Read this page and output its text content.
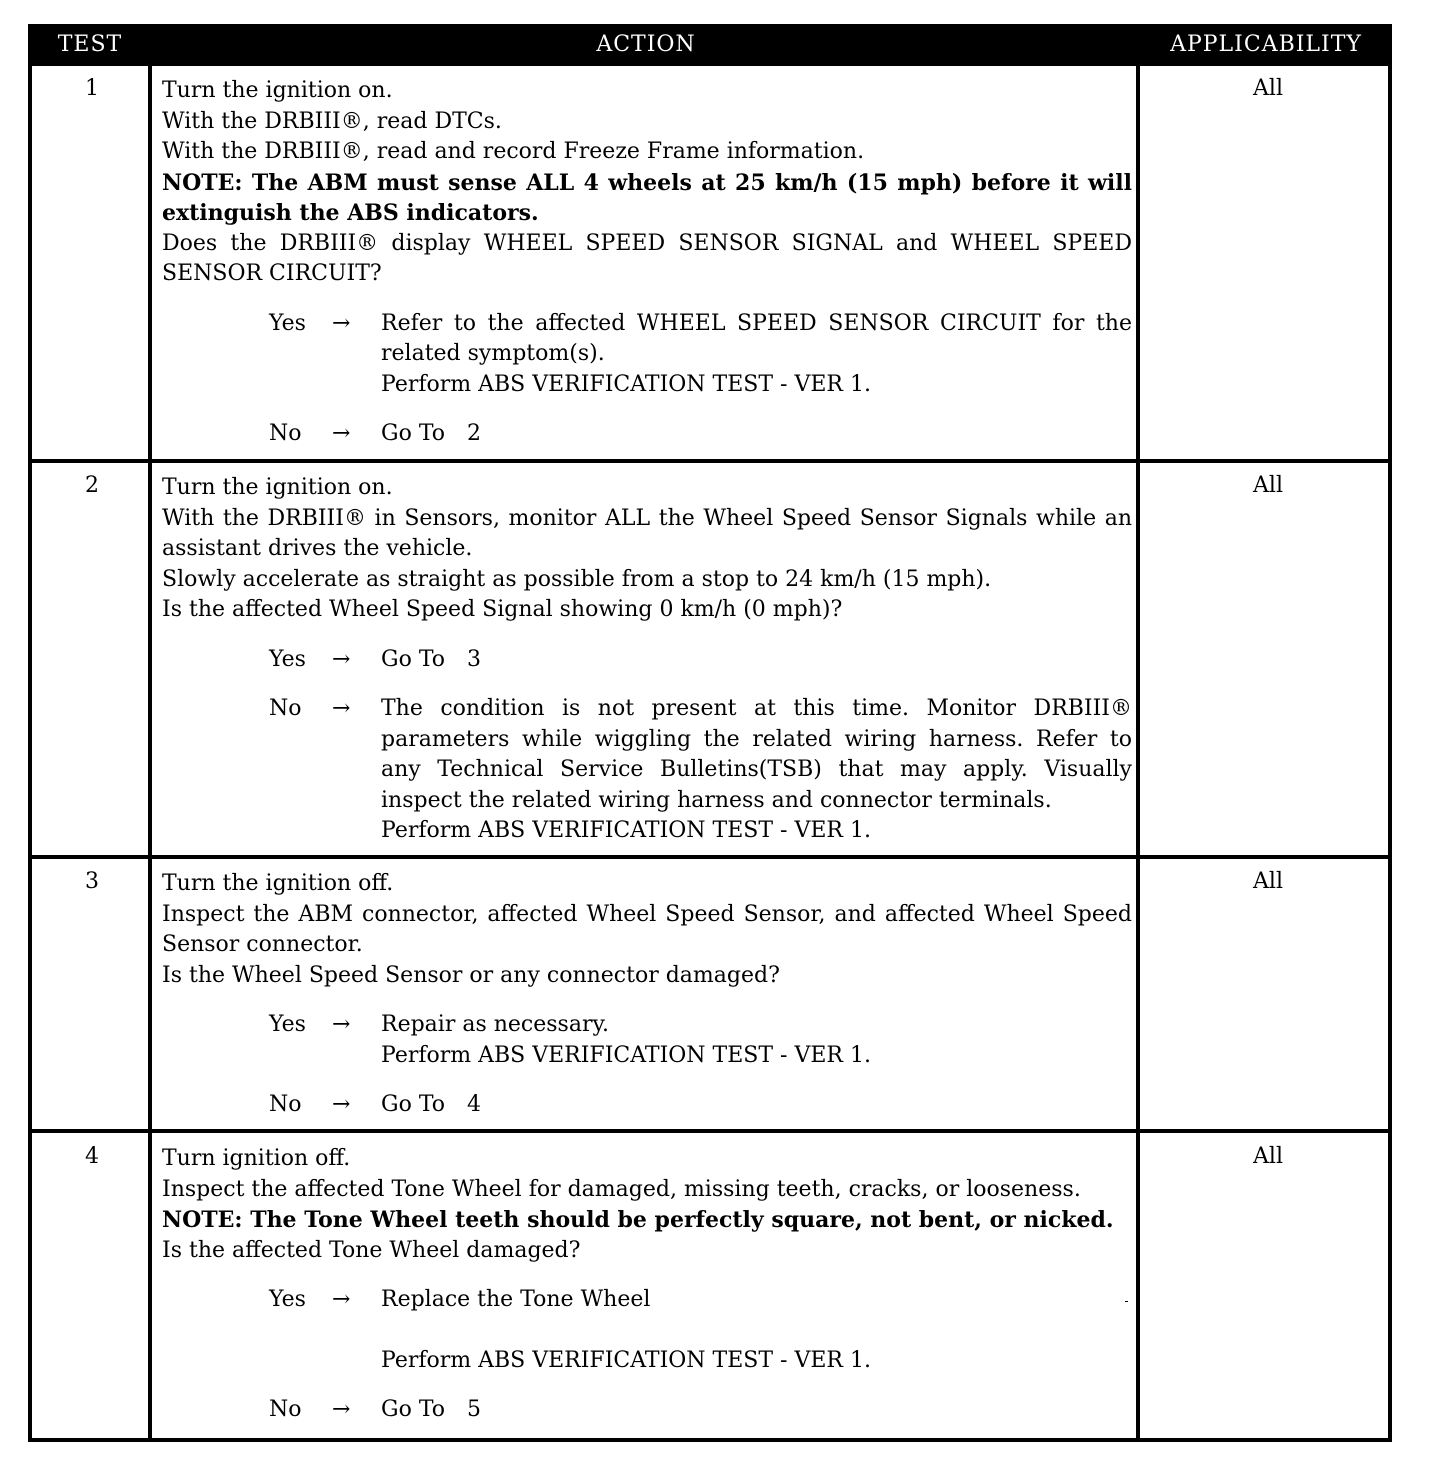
TEST	ACTION	APPLICABILITY
1	Turn the ignition on.

With the DRBIII®, read DTCs.

With the DRBIII®, read and record Freeze Frame information.

NOTE: The ABM must sense ALL 4 wheels at 25 km/h (15 mph) before it will extinguish the ABS indicators.

Does the DRBIII® display WHEEL SPEED SENSOR SIGNAL and WHEEL SPEED SENSOR CIRCUIT?

Yes → Refer to the affected WHEEL SPEED SENSOR CIRCUIT for the related symptom(s).

Perform ABS VERIFICATION TEST - VER 1.

No → Go To 2
All
2	Turn the ignition on.

With the DRBIII® in Sensors, monitor ALL the Wheel Speed Sensor Signals while an assistant drives the vehicle.

Slowly accelerate as straight as possible from a stop to 24 km/h (15 mph).

Is the affected Wheel Speed Signal showing 0 km/h (0 mph)?

Yes → Go To 3
No → The condition is not present at this time. Monitor DRBIII® parameters while wiggling the related wiring harness. Refer to any Technical Service Bulletins(TSB) that may apply. Visually inspect the related wiring harness and connector terminals.

Perform ABS VERIFICATION TEST - VER 1.

All
3	Turn the ignition off.

Inspect the ABM connector, affected Wheel Speed Sensor, and affected Wheel Speed Sensor connector.

Is the Wheel Speed Sensor or any connector damaged?

Yes → Repair as necessary.

Perform ABS VERIFICATION TEST - VER 1.

No → Go To 4
All
4	Turn ignition off.

Inspect the affected Tone Wheel for damaged, missing teeth, cracks, or looseness.

NOTE: The Tone Wheel teeth should be perfectly square, not bent, or nicked.

Is the affected Tone Wheel damaged?

Yes → Replace the Tone Wheel

Perform ABS VERIFICATION TEST - VER 1.

No → Go To 5
All
